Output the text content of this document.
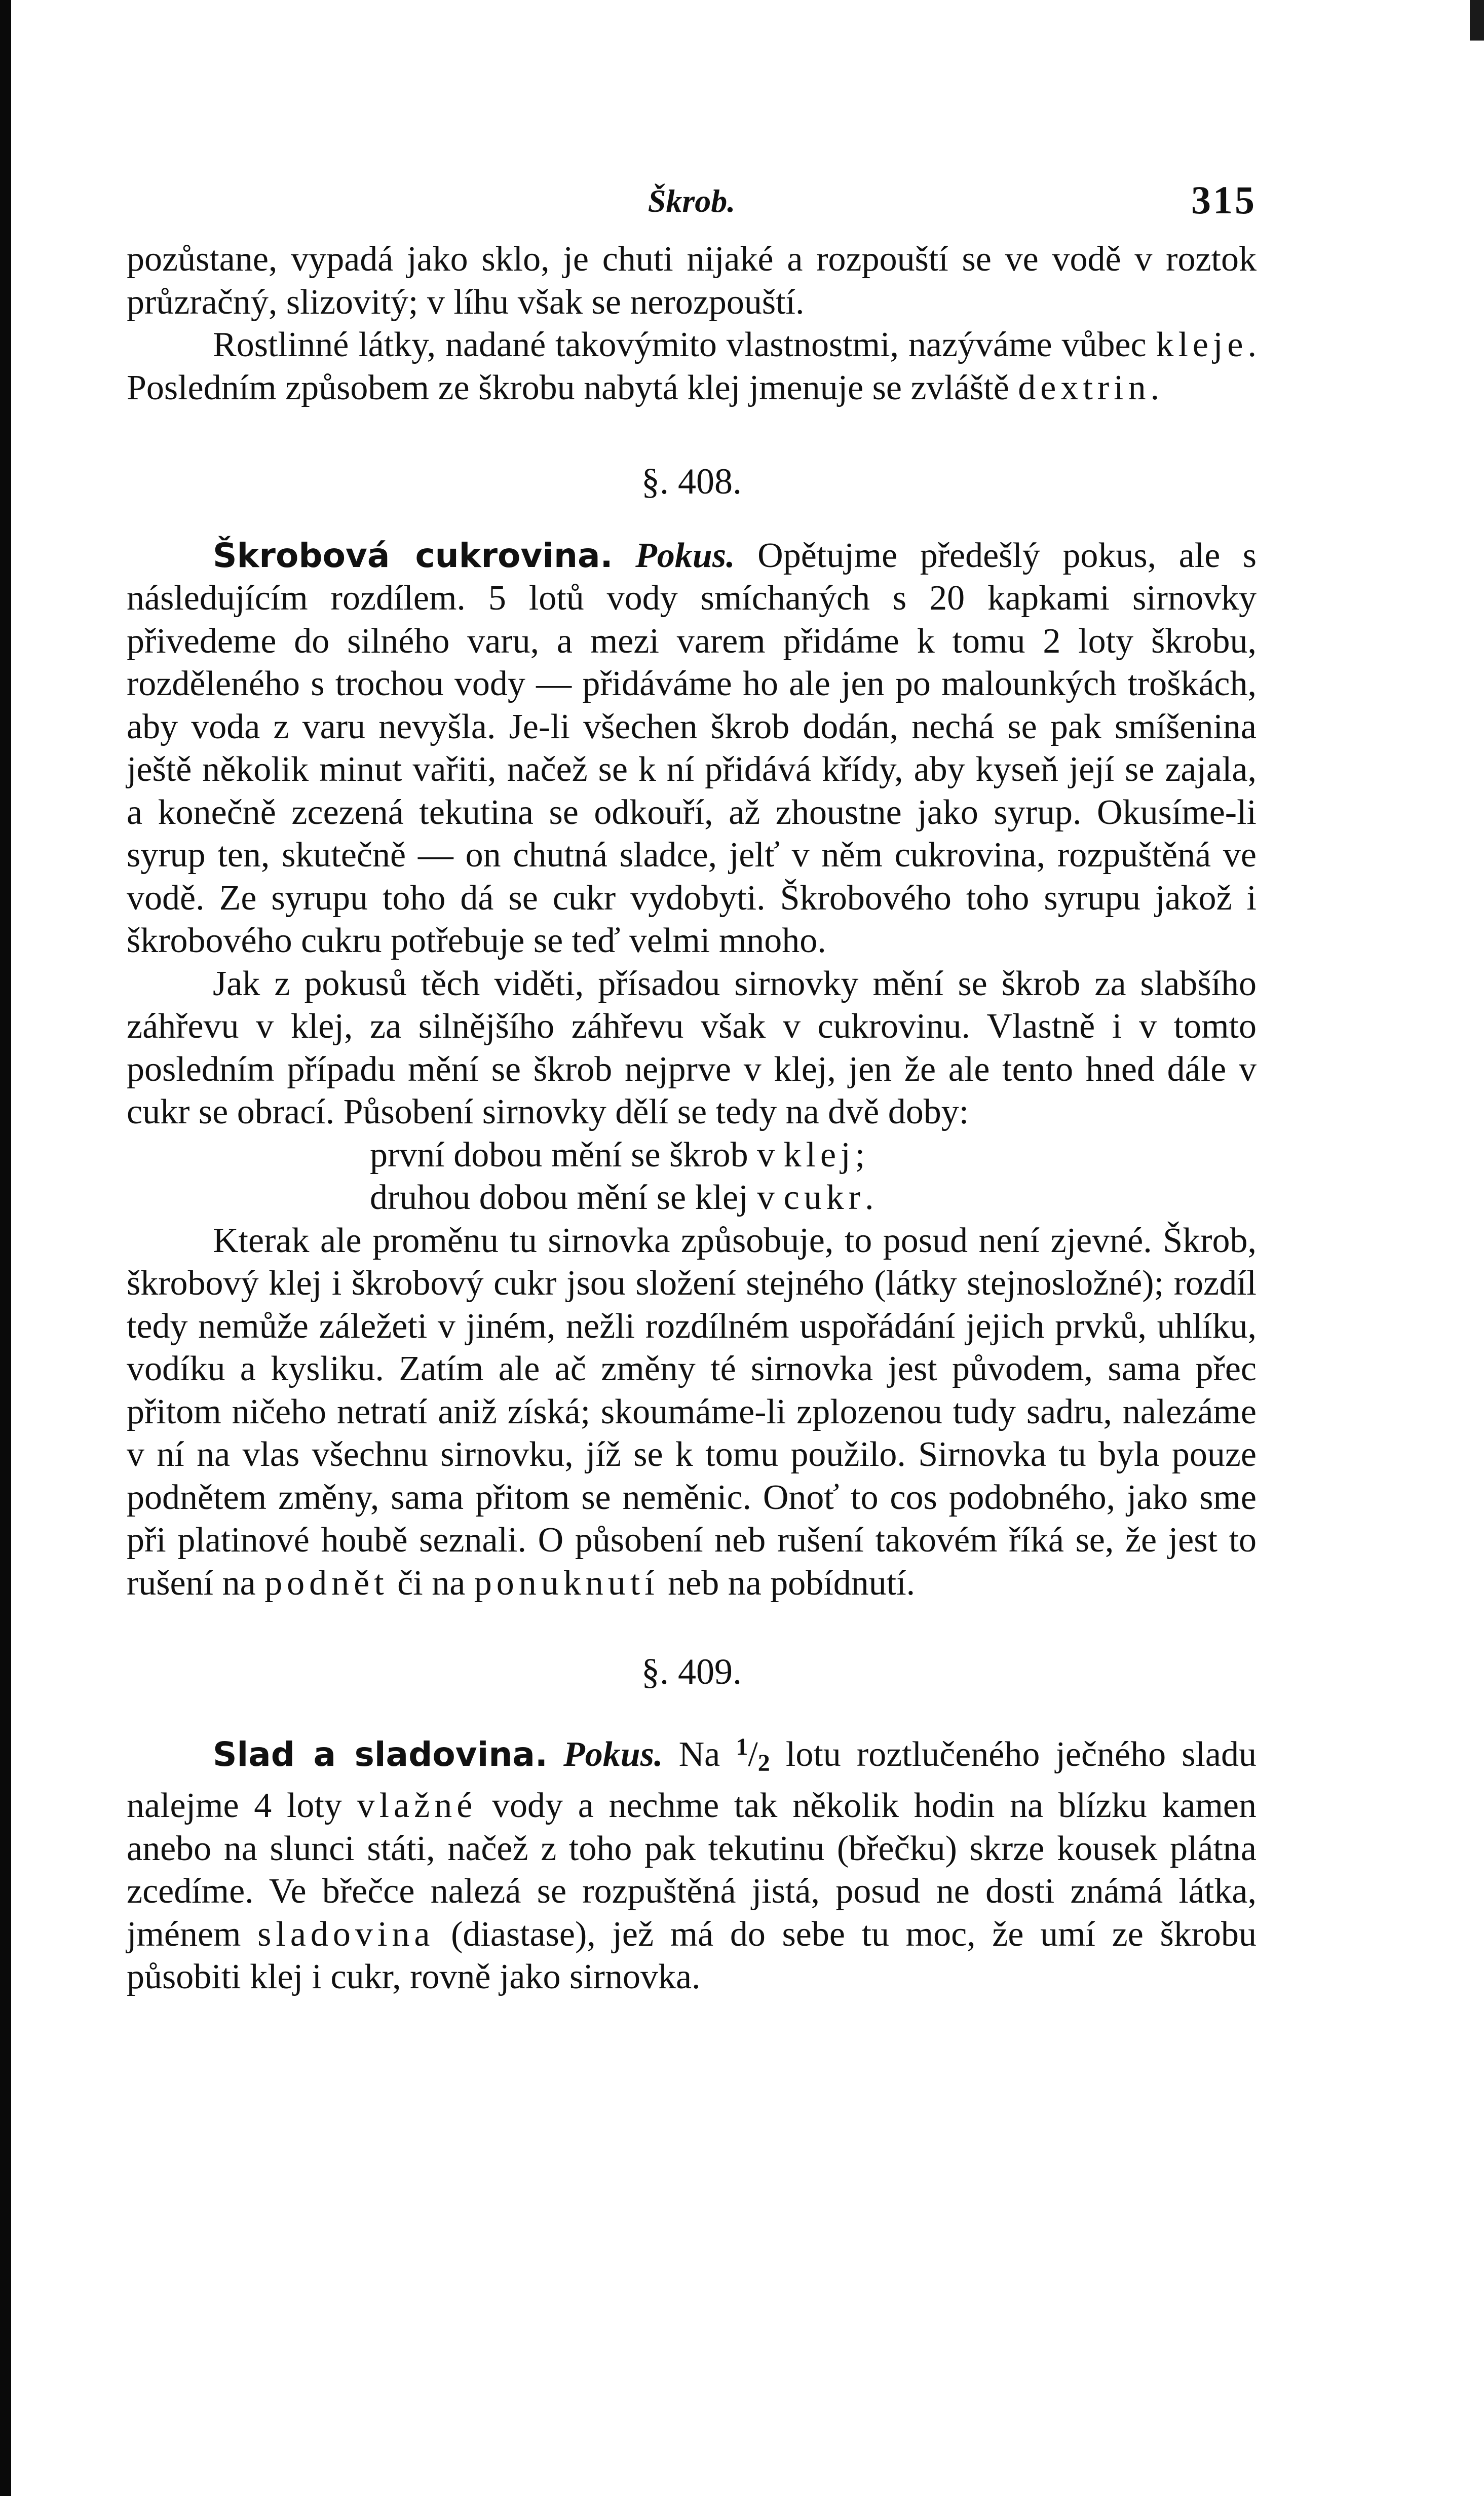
Škrob.	315

pozůstane, vypadá jako sklo, je chuti nijaké a rozpouští se ve vodě v roztok průzračný, slizovitý; v líhu však se nerozpouští.

Rostlinné látky, nadané takovýmito vlastnostmi, nazýváme vůbec kleje. Posledním způsobem ze škrobu nabytá klej jmenuje se zvláště dextrin.

§. 408.

Škrobová cukrovina. Pokus. Opětujme předešlý pokus, ale s následujícím rozdílem. 5 lotů vody smíchaných s 20 kapkami sirnovky přivedeme do silného varu, a mezi varem přidáme k tomu 2 loty škrobu, rozděleného s trochou vody — přidáváme ho ale jen po malounkých troškách, aby voda z varu nevyšla. Je-li všechen škrob dodán, nechá se pak smíšenina ještě několik minut vařiti, načež se k ní přidává křídy, aby kyseň její se zajala, a konečně zcezená tekutina se odkouří, až zhoustne jako syrup. Okusíme-li syrup ten, skutečně — on chutná sladce, jelť v něm cukrovina, rozpuštěná ve vodě. Ze syrupu toho dá se cukr vydobyti. Škrobového toho syrupu jakož i škrobového cukru potřebuje se teď velmi mnoho.

Jak z pokusů těch viděti, přísadou sirnovky mění se škrob za slabšího záhřevu v klej, za silnějšího záhřevu však v cukrovinu. Vlastně i v tomto posledním případu mění se škrob nejprve v klej, jen že ale tento hned dále v cukr se obrací. Působení sirnovky dělí se tedy na dvě doby:

první dobou mění se škrob v klej;

druhou dobou mění se klej v cukr.

Kterak ale proměnu tu sirnovka způsobuje, to posud není zjevné. Škrob, škrobový klej i škrobový cukr jsou složení stejného (látky stejnosložné); rozdíl tedy nemůže záležeti v jiném, nežli rozdílném uspořádání jejich prvků, uhlíku, vodíku a kysliku. Zatím ale ač změny té sirnovka jest původem, sama přec přitom ničeho netratí aniž získá; skoumáme-li zplozenou tudy sadru, nalezáme v ní na vlas všechnu sirnovku, jíž se k tomu použilo. Sirnovka tu byla pouze podnětem změny, sama přitom se neměnic. Onoť to cos podobného, jako sme při platinové houbě seznali. O působení neb rušení takovém říká se, že jest to rušení na podnět či na ponuknutí neb na pobídnutí.

§. 409.

Slad a sladovina. Pokus. Na $^1$/2 lotu roztlučeného ječného sladu nalejme 4 loty vlažné vody a nechme tak několik hodin na blízku kamen anebo na slunci státi, načež z toho pak tekutinu (břečku) skrze kousek plátna zcedíme. Ve břečce nalezá se rozpuštěná jistá, posud ne dosti známá látka, jménem sladovina (diastase), jež má do sebe tu moc, že umí ze škrobu působiti klej i cukr, rovně jako sirnovka.
